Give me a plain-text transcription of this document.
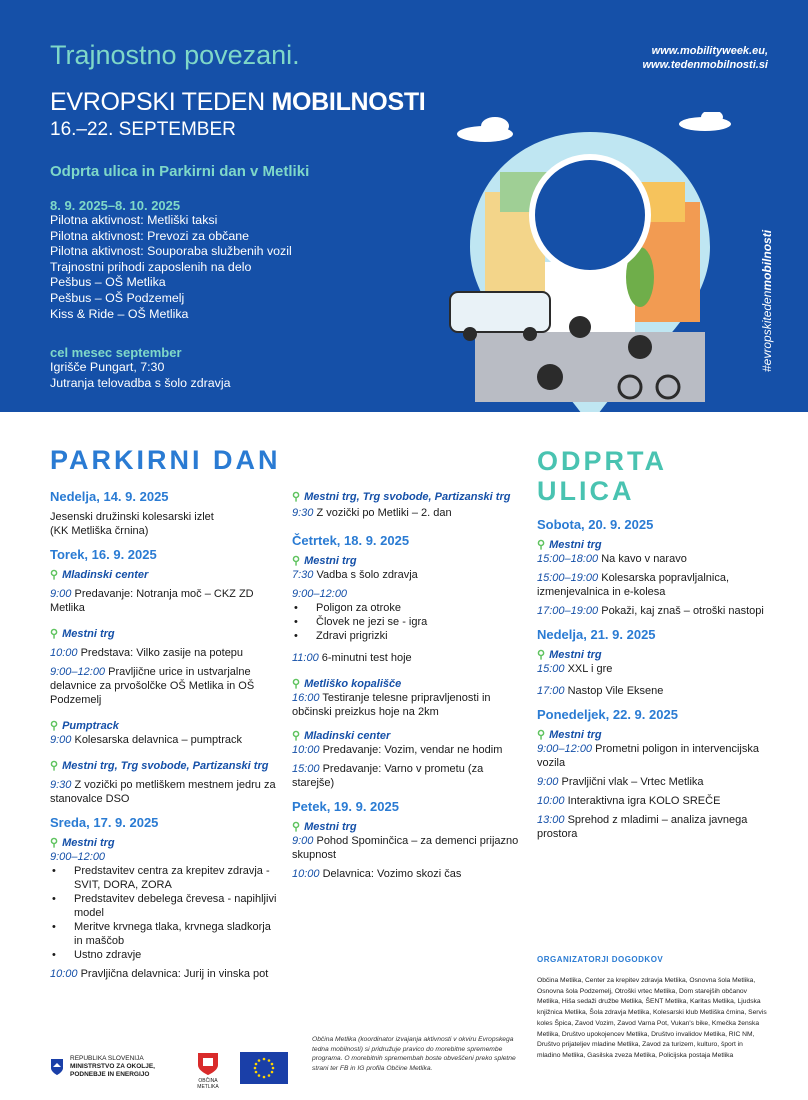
Trajnostno povezani.
EVROPSKI TEDEN MOBILNOSTI
16.–22. SEPTEMBER
www.mobilityweek.eu,
www.tedenmobilnosti.si
Odprta ulica in Parkirni dan v Metliki
8. 9. 2025–8. 10. 2025
Pilotna aktivnost: Metliški taksi
Pilotna aktivnost: Prevozi za občane
Pilotna aktivnost: Souporaba službenih vozil
Trajnostni prihodi zaposlenih na delo
Pešbus – OŠ Metlika
Pešbus – OŠ Podzemelj
Kiss & Ride – OŠ Metlika
cel mesec september
Igrišče Pungart, 7:30
Jutranja telovadba s šolo zdravja
#evropskitedenmobilnosti
PARKIRNI DAN	ODPRTA
ULICA
Nedelja, 14. 9. 2025
Jesenski družinski kolesarski izlet
(KK Metliška črnina)
Torek, 16. 9. 2025
⚲ Mladinski center
9:00 Predavanje: Notranja moč – CKZ ZD Metlika
⚲ Mestni trg
10:00 Predstava: Vilko zasije na potepu
9:00–12:00 Pravljične urice in ustvarjalne delavnice za prvošolčke OŠ Metlika in OŠ Podzemelj
⚲ Pumptrack
9:00 Kolesarska delavnica – pumptrack
⚲ Mestni trg, Trg svobode, Partizanski trg
9:30 Z vozički po metliškem mestnem jedru za stanovalce DSO
Sreda, 17. 9. 2025
⚲ Mestni trg
9:00–12:00
• Predstavitev centra za krepitev zdravja - SVIT, DORA, ZORA
• Predstavitev debelega črevesa - napihljivi model
• Meritve krvnega tlaka, krvnega sladkorja in maščob
• Ustno zdravje
10:00 Pravljična delavnica: Jurij in vinska pot
⚲ Mestni trg, Trg svobode, Partizanski trg
9:30 Z vozički po Metliki – 2. dan
Četrtek, 18. 9. 2025
⚲ Mestni trg
7:30 Vadba s šolo zdravja
9:00–12:00
• Poligon za otroke
• Človek ne jezi se - igra
• Zdravi prigrizki
11:00 6-minutni test hoje
⚲ Metliško kopališče
16:00 Testiranje telesne pripravljenosti in občinski preizkus hoje na 2km
⚲ Mladinski center
10:00 Predavanje: Vozim, vendar ne hodim
15:00 Predavanje: Varno v prometu (za starejše)
Petek, 19. 9. 2025
⚲ Mestni trg
9:00 Pohod Spominčica – za demenci prijazno skupnost
10:00 Delavnica: Vozimo skozi čas
Sobota, 20. 9. 2025
⚲ Mestni trg
15:00–18:00 Na kavo v naravo
15:00–19:00 Kolesarska popravljalnica, izmenjevalnica in e-kolesa
17:00–19:00 Pokaži, kaj znaš – otroški nastopi
Nedelja, 21. 9. 2025
⚲ Mestni trg
15:00 XXL i gre
17:00 Nastop Vile Eksene
Ponedeljek, 22. 9. 2025
⚲ Mestni trg
9:00–12:00 Prometni poligon in intervencijska vozila
9:00 Pravljični vlak – Vrtec Metlika
10:00 Interaktivna igra KOLO SREČE
13:00 Sprehod z mladimi – analiza javnega prostora
ORGANIZATORJI DOGODKOV
Občina Metlika, Center za krepitev zdravja Metlika, Osnovna šola Metlika, Osnovna šola Podzemelj, Otroški vrtec Metlika, Dom starejših občanov Metlika, Hiša sedaži družbe Metlika, ŠENT Metlika, Karitas Metlika, Ljudska knjižnica Metlika, Šola zdravja Metlika, Kolesarski klub Metliška črnina, Servis koles Špica, Zavod Vozim, Zavod Varna Pot, Vukan's bike, Kmečka ženska Metlika, Društvo upokojencev Metlika, Društvo invalidov Metlika, RIC NM, Društvo prijateljev mladine Metlika, Zavod za turizem, kulturo, šport in mladino Metlika, Gasilska zveza Metlika, Policijska postaja Metlika
Občina Metlika (koordinator izvajanja aktivnosti v okviru Evropskega tedna mobilnosti) si pridružuje pravico do morebitne spremembe programa. O morebitnih spremembah boste obveščeni preko spletne strani ter FB in IG profila Občine Metlika.
REPUBLIKA SLOVENIJA
MINISTRSTVO ZA OKOLJE,
PODNEBJE IN ENERGIJO
OBČINA METLIKA
